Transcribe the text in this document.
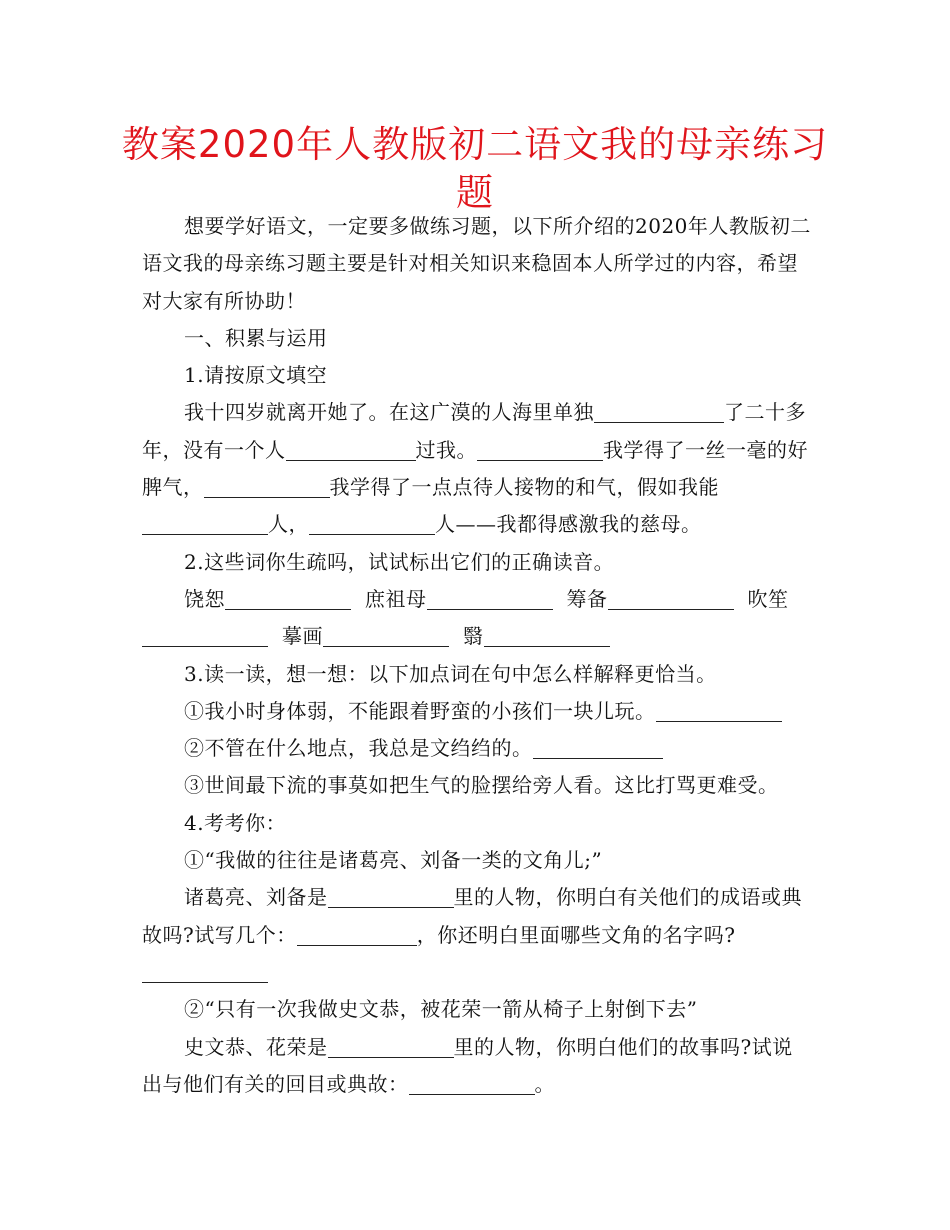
教案2020年人教版初二语文我的母亲练习
题

想要学好语文，一定要多做练习题，以下所介绍的2020年人教版初二语文我的母亲练习题主要是针对相关知识来稳固本人所学过的内容，希望对大家有所协助！

一、积累与运用

1.请按原文填空

我十四岁就离开她了。在这广漠的人海里单独	了二十多年，没有一个人	过我。	我学得了一丝一毫的好脾气，	我学得了一点点待人接物的和气，假如我能人，	人——我都得感激我的慈母。

2.这些词你生疏吗，试试标出它们的正确读音。

饶恕	庶祖母	筹备	吹笙摹画	翳

3.读一读，想一想：以下加点词在句中怎么样解释更恰当。

①我小时身体弱，不能跟着野蛮的小孩们一块儿玩。

②不管在什么地点，我总是文绉绉的。

③世间最下流的事莫如把生气的脸摆给旁人看。这比打骂更难受。

4.考考你：

①“我做的往往是诸葛亮、刘备一类的文角儿;”

诸葛亮、刘备是	里的人物，你明白有关他们的成语或典故吗?试写几个：	，你还明白里面哪些文角的名字吗?

②“只有一次我做史文恭，被花荣一箭从椅子上射倒下去”

史文恭、花荣是	里的人物，你明白他们的故事吗?试说出与他们有关的回目或典故：	。
